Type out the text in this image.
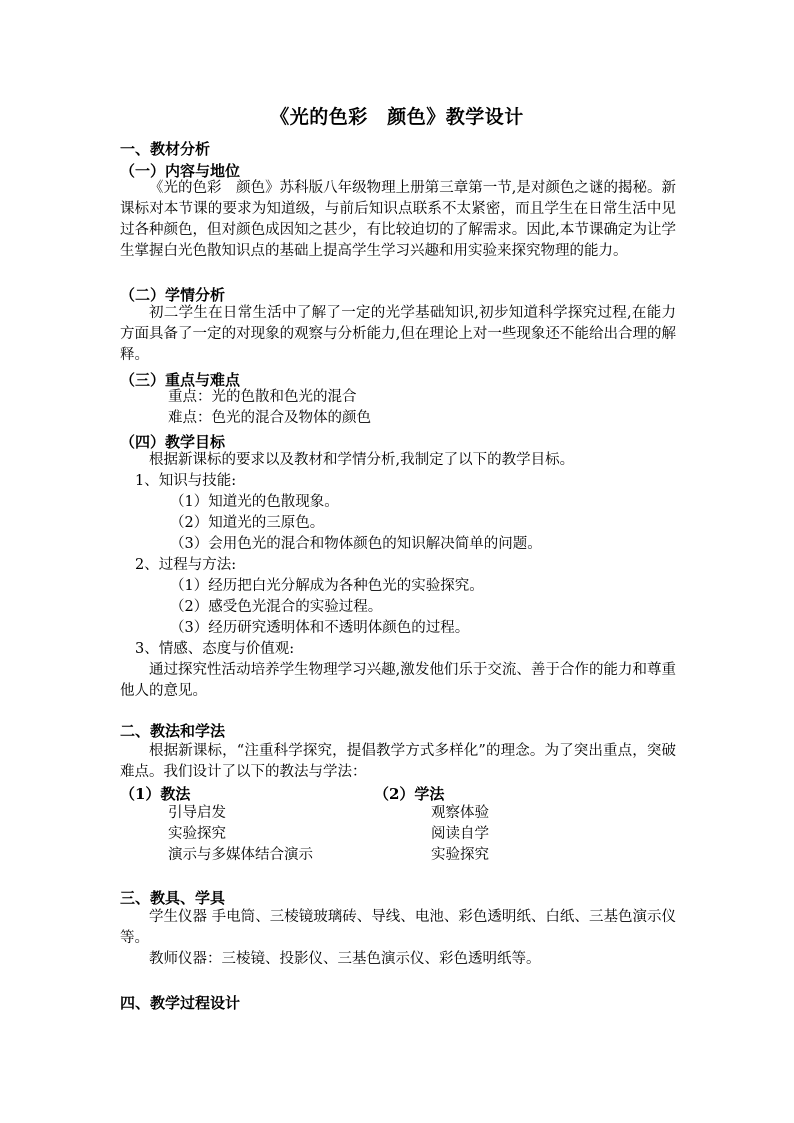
《光的色彩　颜色》教学设计
一、教材分析
（一）内容与地位
《光的色彩　颜色》苏科版八年级物理上册第三章第一节,是对颜色之谜的揭秘。新课标对本节课的要求为知道级，与前后知识点联系不太紧密，而且学生在日常生活中见过各种颜色，但对颜色成因知之甚少，有比较迫切的了解需求。因此,本节课确定为让学生掌握白光色散知识点的基础上提高学生学习兴趣和用实验来探究物理的能力。
（二）学情分析
初二学生在日常生活中了解了一定的光学基础知识,初步知道科学探究过程,在能力方面具备了一定的对现象的观察与分析能力,但在理论上对一些现象还不能给出合理的解释。
（三）重点与难点
重点：光的色散和色光的混合
难点：色光的混合及物体的颜色
（四）教学目标
根据新课标的要求以及教材和学情分析,我制定了以下的教学目标。
1、知识与技能:
（1）知道光的色散现象。
（2）知道光的三原色。
（3）会用色光的混合和物体颜色的知识解决简单的问题。
2、过程与方法:
（1）经历把白光分解成为各种色光的实验探究。
（2）感受色光混合的实验过程。
（3）经历研究透明体和不透明体颜色的过程。
3、情感、态度与价值观:
通过探究性活动培养学生物理学习兴趣,激发他们乐于交流、善于合作的能力和尊重他人的意见。
二、教法和学法
根据新课标，“注重科学探究，提倡教学方式多样化”的理念。为了突出重点，突破难点。我们设计了以下的教法与学法：
（1）教法	（2）学法
引导启发
实验探究
演示与多媒体结合演示
观察体验
阅读自学
实验探究
三、教具、学具
学生仪器 手电筒、三棱镜玻璃砖、导线、电池、彩色透明纸、白纸、三基色演示仪等。
教师仪器：三棱镜、投影仪、三基色演示仪、彩色透明纸等。
四、教学过程设计
